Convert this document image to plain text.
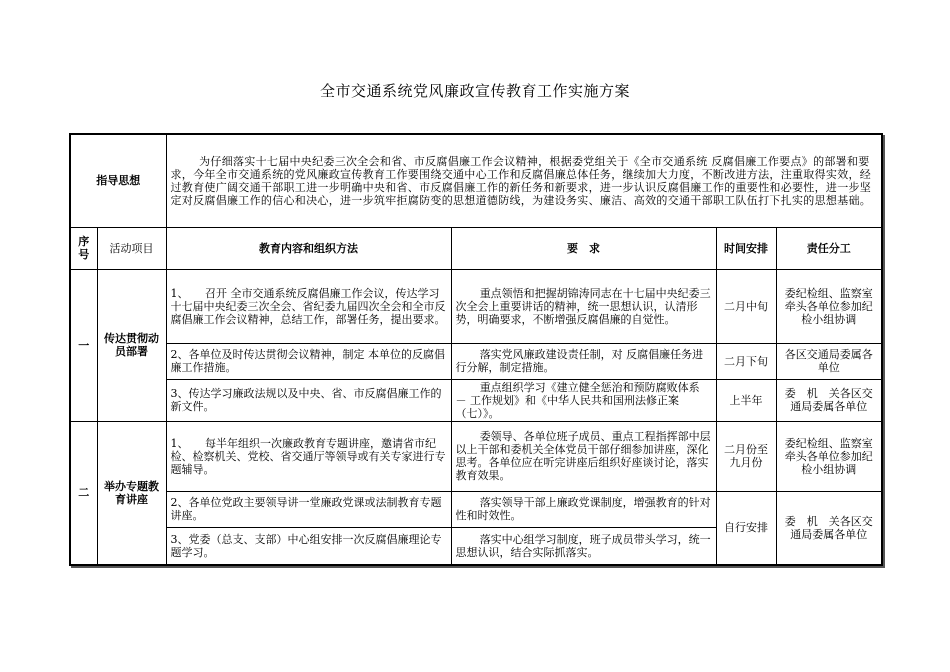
全市交通系统党风廉政宣传教育工作实施方案
指导思想		为仔细落实十七届中央纪委三次全会和省、市反腐倡廉工作会议精神，根据委党组关于《全市交通系统 反腐倡廉工作要点》的部署和要求，今年全市交通系统的党风廉政宣传教育工作要围绕交通中心工作和反腐倡廉总体任务，继续加大力度，不断改进方法，注重取得实效，经过教育使广阔交通干部职工进一步明确中央和省、市反腐倡廉工作的新任务和新要求，进一步认识反腐倡廉工作的重要性和必要性，进一步坚定对反腐倡廉工作的信心和决心，进一步筑牢拒腐防变的思想道德防线，为建设务实、廉洁、高效的交通干部职工队伍打下扎实的思想基础。			
序号	活动项目	教育内容和组织方法	要　求	时间安排	责任分工
一	传达贯彻动员部署	1、　　召开 全市交通系统反腐倡廉工作会议，传达学习十七届中央纪委三次全会、省纪委九届四次全会和全市反腐倡廉工作会议精神，总结工作，部署任务，提出要求。	重点领悟和把握胡锦涛同志在十七届中央纪委三次全会上重要讲话的精神，统一思想认识，认清形势，明确要求，不断增强反腐倡廉的自觉性。	二月中旬	委纪检组、监察室牵头各单位参加纪检小组协调
		2、各单位及时传达贯彻会议精神，制定 本单位的反腐倡廉工作措施。	落实党风廉政建设责任制，对 反腐倡廉任务进行分解，制定措施。	二月下旬	各区交通局委属各单位
		3、传达学习廉政法规以及中央、省、市反腐倡廉工作的新文件。	重点组织学习《建立健全惩治和预防腐败体系 － 工作规划》和《中华人民共和国刑法修正案（七）》。	上半年	委　机　关各区交通局委属各单位
二	举办专题教育讲座	1、　　每半年组织一次廉政教育专题讲座，邀请省市纪检、检察机关、党校、省交通厅等领导或有关专家进行专题辅导。	委领导、各单位班子成员、重点工程指挥部中层以上干部和委机关全体党员干部仔细参加讲座，深化思考。各单位应在听完讲座后组织好座谈讨论，落实教育效果。	二月份至九月份	委纪检组、监察室牵头各单位参加纪检小组协调
		2、各单位党政主要领导讲一堂廉政党课或法制教育专题讲座。	落实领导干部上廉政党课制度，增强教育的针对性和时效性。	自行安排	委　机　关各区交通局委属各单位
		3、党委（总支、支部）中心组安排一次反腐倡廉理论专题学习。	落实中心组学习制度，班子成员带头学习，统一思想认识，结合实际抓落实。		
